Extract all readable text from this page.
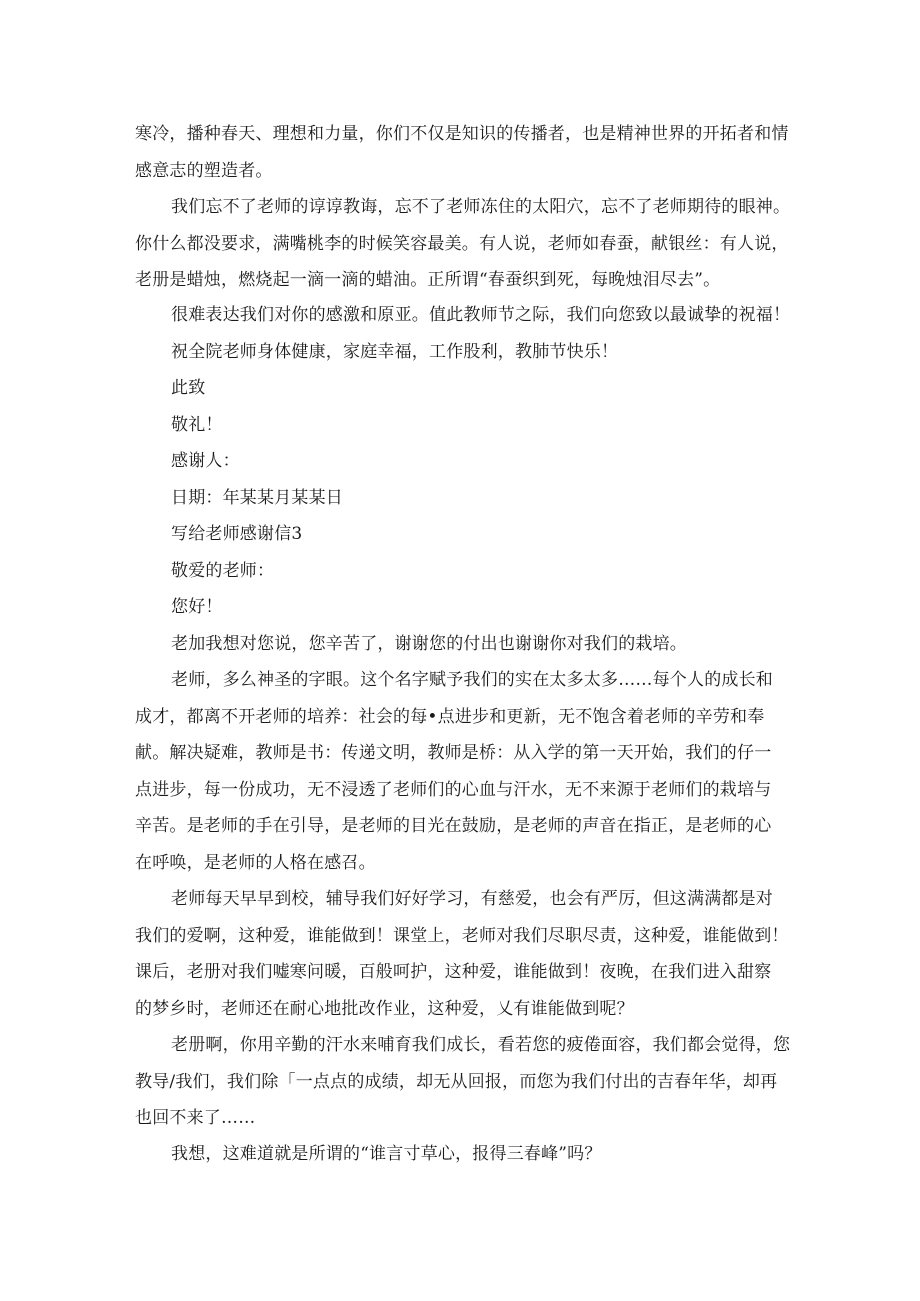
寒冷，播种春天、理想和力量，你们不仅是知识的传播者，也是精神世界的开拓者和情
感意志的塑造者。
我们忘不了老师的谆谆教诲，忘不了老师冻住的太阳穴，忘不了老师期待的眼神。
你什么都没要求，满嘴桃李的时候笑容最美。有人说，老师如春蚕，献银丝：有人说，
老册是蜡烛，燃烧起一滴一滴的蜡油。正所谓“春蚕织到死，每晚烛泪尽去”。
很难表达我们对你的感激和原亚。值此教师节之际，我们向您致以最诚挚的祝福！
祝全院老师身体健康，家庭幸福，工作股利，教肺节快乐！
此致
敬礼！
感谢人：
日期：年某某月某某日
写给老师感谢信3
敬爱的老师：
您好！
老加我想对您说，您辛苦了，谢谢您的付出也谢谢你对我们的栽培。
老师，多么神圣的字眼。这个名字赋予我们的实在太多太多……每个人的成长和
成才，都离不开老师的培养：社会的每•点进步和更新，无不饱含着老师的辛劳和奉
献。解决疑难，教师是书：传递文明，教师是桥：从入学的第一天开始，我们的仔一
点进步，每一份成功，无不浸透了老师们的心血与汗水，无不来源于老师们的栽培与
辛苦。是老师的手在引导，是老师的目光在鼓励，是老师的声音在指正，是老师的心
在呼唤，是老师的人格在感召。
老师每天早早到校，辅导我们好好学习，有慈爱，也会有严厉，但这满满都是对
我们的爱啊，这种爱，谁能做到！课堂上，老师对我们尽职尽责，这种爱，谁能做到！
课后，老册对我们嘘寒问暖，百般呵护，这种爱，谁能做到！夜晚，在我们进入甜察
的梦乡时，老师还在耐心地批改作业，这种爱，乂有谁能做到呢？
老册啊，你用辛勤的汗水来哺育我们成长，看若您的疲倦面容，我们都会觉得，您
教导/我们，我们除「一点点的成绩，却无从回报，而您为我们付出的吉春年华，却再
也回不来了……
我想，这难道就是所谓的“谁言寸草心，报得三春峰”吗？
